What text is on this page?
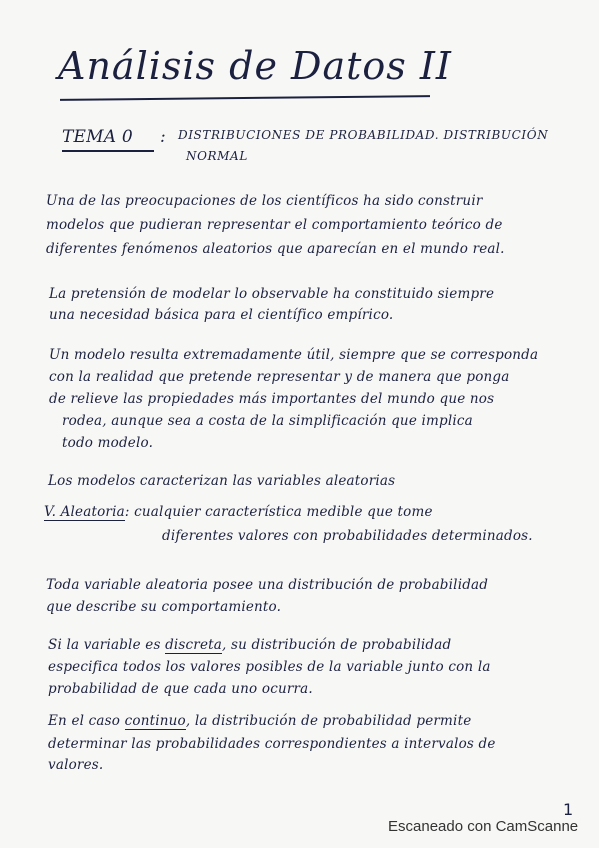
Análisis de Datos II
TEMA 0 : DISTRIBUCIONES DE PROBABILIDAD. DISTRIBUCIÓN
NORMAL
Una de las preocupaciones de los científicos ha sido construir
modelos que pudieran representar el comportamiento teórico de
diferentes fenómenos aleatorios que aparecían en el mundo real.
La pretensión de modelar lo observable ha constituido siempre
una necesidad básica para el científico empírico.
Un modelo resulta extremadamente útil, siempre que se corresponda
con la realidad que pretende representar y de manera que ponga
de relieve las propiedades más importantes del mundo que nos
rodea, aunque sea a costa de la simplificación que implica
todo modelo.
Los modelos caracterizan las variables aleatorias
V. Aleatoria: cualquier característica medible que tome
diferentes valores con probabilidades determinados.
Toda variable aleatoria posee una distribución de probabilidad
que describe su comportamiento.
Si la variable es discreta, su distribución de probabilidad
especifica todos los valores posibles de la variable junto con la
probabilidad de que cada uno ocurra.
En el caso continuo, la distribución de probabilidad permite
determinar las probabilidades correspondientes a intervalos de
valores.
1
Escaneado con CamScanne
